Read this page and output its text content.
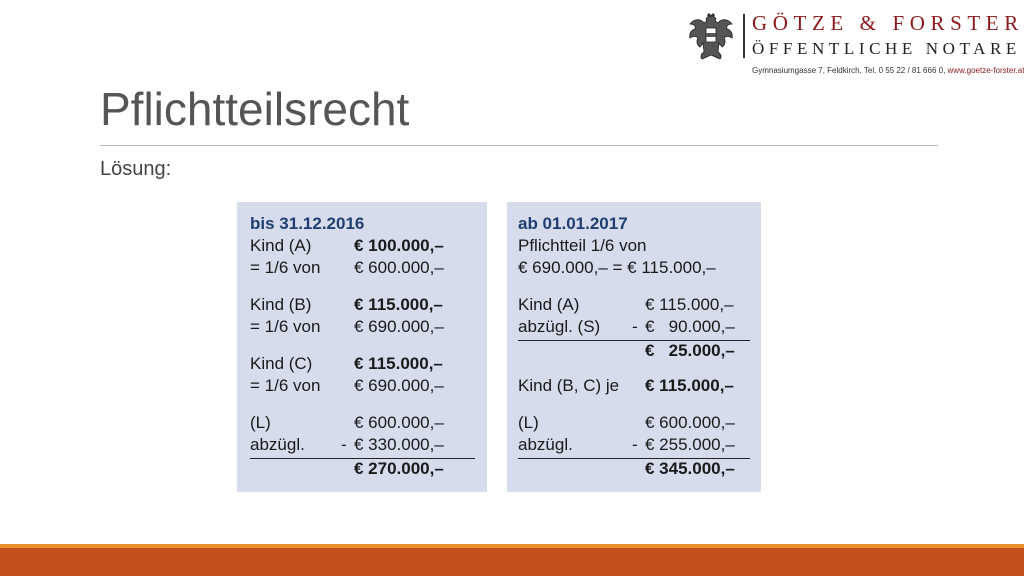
GÖTZE & FORSTER
ÖFFENTLICHE NOTARE
Gymnasiumgasse 7, Feldkirch, Tel. 0 55 22 / 81 666 0, www.goetze-forster.at
Pflichtteilsrecht
Lösung:
bis 31.12.2016
Kind (A)	€ 100.000,–
= 1/6 von € 600.000,–
Kind (B)	€ 115.000,–
= 1/6 von € 690.000,–
Kind (C) € 115.000,–
= 1/6 von € 690.000,–
(L)	€ 600.000,–
abzügl. - € 330.000,–
€ 270.000,–
ab 01.01.2017
Pflichtteil 1/6 von
€ 690.000,– = € 115.000,–
Kind (A)	€ 115.000,–
abzügl. (S) - €   90.000,–
€   25.000,–
Kind (B, C) je € 115.000,–
(L)	€ 600.000,–
abzügl.	- € 255.000,–
€ 345.000,–
